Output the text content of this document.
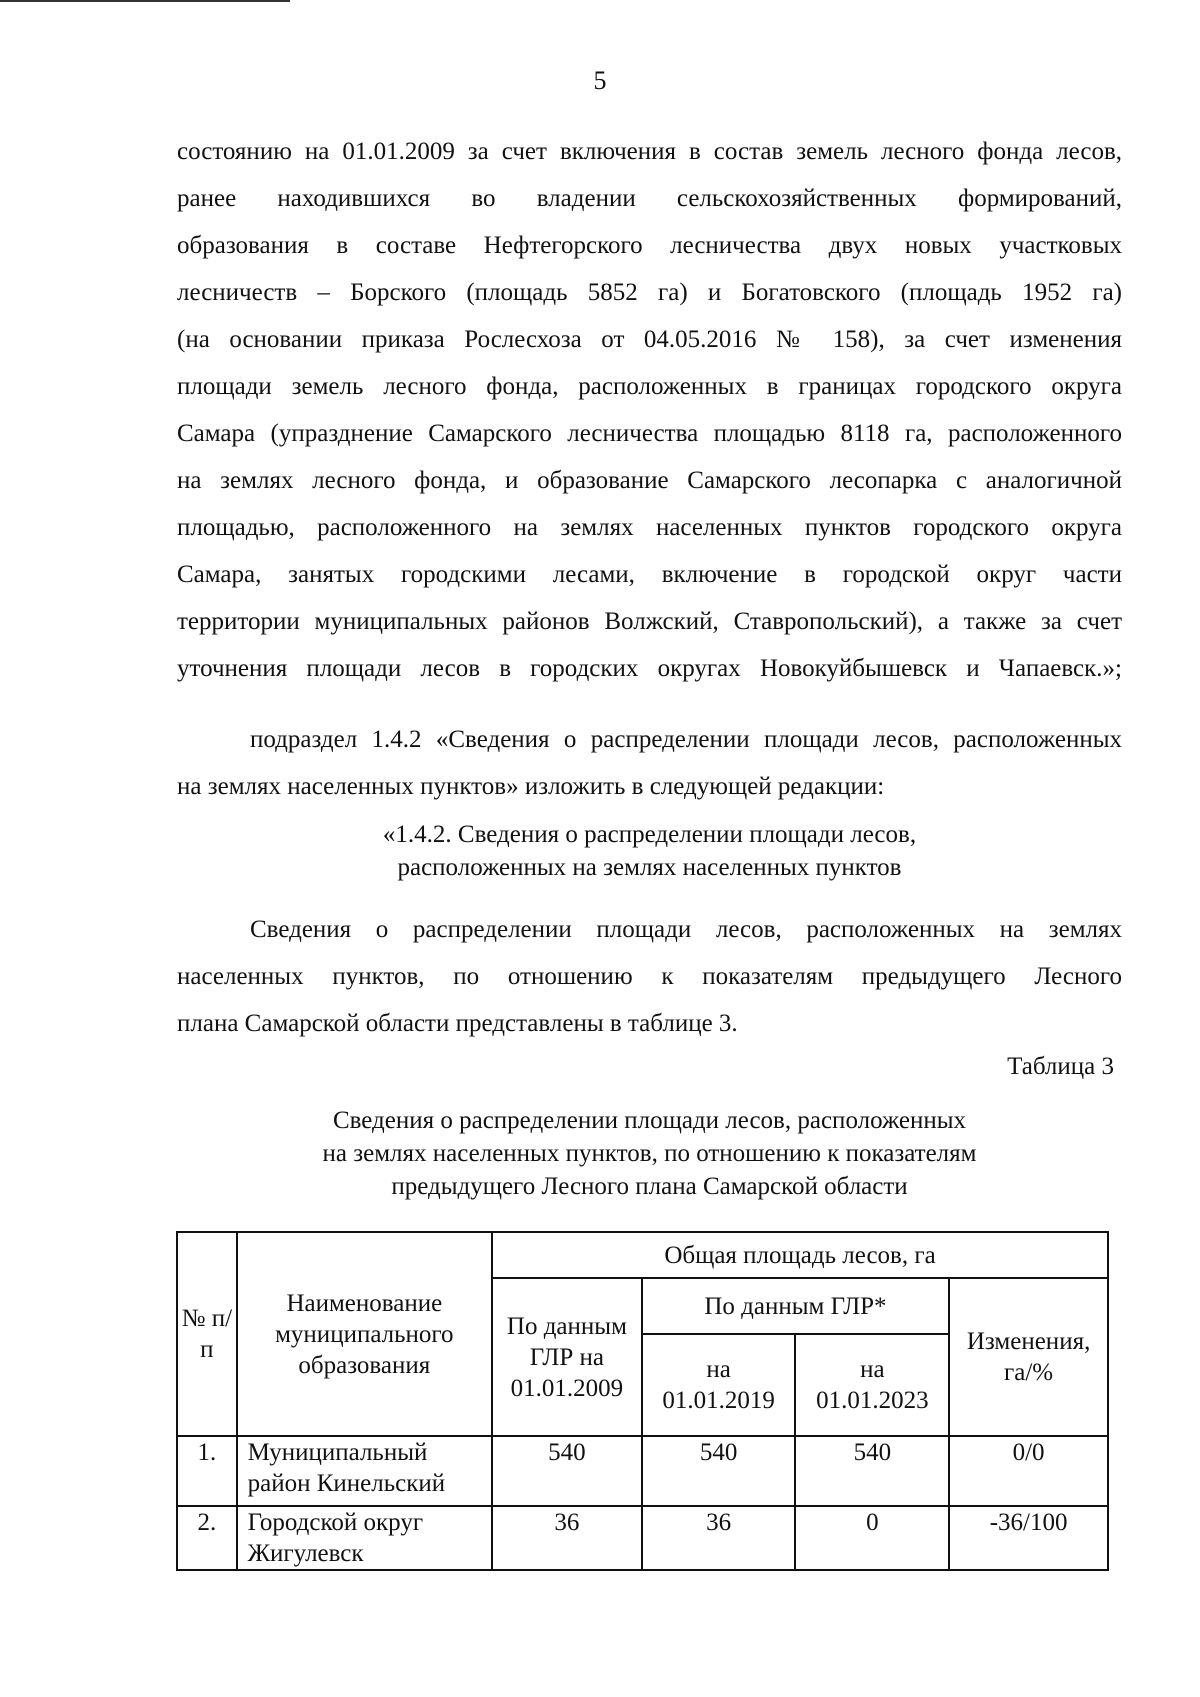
5
состоянию на 01.01.2009 за счет включения в состав земель лесного фонда лесов,
ранее находившихся во владении сельскохозяйственных формирований,
образования в составе Нефтегорского лесничества двух новых участковых
лесничеств – Борского (площадь 5852 га) и Богатовского (площадь 1952 га)
(на основании приказа Рослесхоза от 04.05.2016 № 158), за счет изменения
площади земель лесного фонда, расположенных в границах городского округа
Самара (упразднение Самарского лесничества площадью 8118 га, расположенного
на землях лесного фонда, и образование Самарского лесопарка с аналогичной
площадью, расположенного на землях населенных пунктов городского округа
Самара, занятых городскими лесами, включение в городской округ части
территории муниципальных районов Волжский, Ставропольский), а также за счет
уточнения площади лесов в городских округах Новокуйбышевск и Чапаевск.»;
подраздел 1.4.2 «Сведения о распределении площади лесов, расположенных
на землях населенных пунктов» изложить в следующей редакции:
«1.4.2. Сведения о распределении площади лесов,
расположенных на землях населенных пунктов
Сведения о распределении площади лесов, расположенных на землях
населенных пунктов, по отношению к показателям предыдущего Лесного
плана Самарской области представлены в таблице 3.
Таблица 3
Сведения о распределении площади лесов, расположенных
на землях населенных пунктов, по отношению к показателям
предыдущего Лесного плана Самарской области
№ п/п	Наименование муниципального образования	Общая площадь лесов, га			
		По данным ГЛР на 01.01.2009	По данным ГЛР*		Изменения, га/%
			на 01.01.2019	на 01.01.2023	
1.	Муниципальный район Кинельский	540	540	540	0/0
2.	Городской округ Жигулевск	36	36	0	-36/100
